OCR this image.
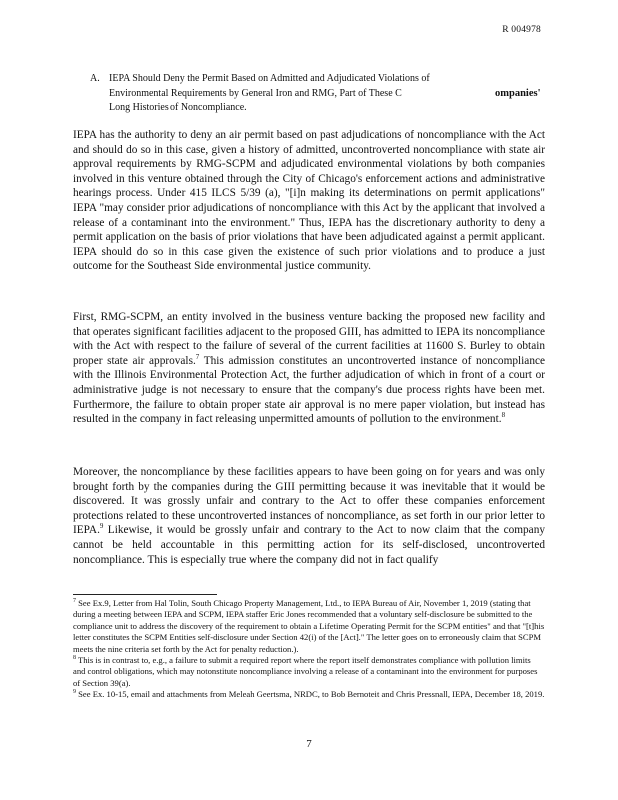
R 004978
A. IEPA Should Deny the Permit Based on Admitted and Adjudicated Violations of
Environmental Requirements by General Iron and RMG, Part of These C	ompanies'
Long Histories of Noncompliance.

IEPA has the authority to deny an air permit based on past adjudications of noncompliance with the Act and should do so in this case, given a history of admitted, uncontroverted noncompliance with state air approval requirements by RMG-SCPM and adjudicated environmental violations by both companies involved in this venture obtained through the City of Chicago's enforcement actions and administrative hearings process. Under 415 ILCS 5/39 (a), "[i]n making its determinations on permit applications" IEPA "may consider prior adjudications of noncompliance with this Act by the applicant that involved a release of a contaminant into the environment." Thus, IEPA has the discretionary authority to deny a permit application on the basis of prior violations that have been adjudicated against a permit applicant. IEPA should do so in this case given the existence of such prior violations and to produce a just outcome for the Southeast Side environmental justice community.

First, RMG-SCPM, an entity involved in the business venture backing the proposed new facility and that operates significant facilities adjacent to the proposed GIII, has admitted to IEPA its noncompliance with the Act with respect to the failure of several of the current facilities at 11600 S. Burley to obtain proper state air approvals.$^7$ This admission constitutes an uncontroverted instance of noncompliance with the Illinois Environmental Protection Act, the further adjudication of which in front of a court or administrative judge is not necessary to ensure that the company's due process rights have been met. Furthermore, the failure to obtain proper state air approval is no mere paper violation, but instead has resulted in the company in fact releasing unpermitted amounts of pollution to the environment.$^8$

Moreover, the noncompliance by these facilities appears to have been going on for years and was only brought forth by the companies during the GIII permitting because it was inevitable that it would be discovered. It was grossly unfair and contrary to the Act to offer these companies enforcement protections related to these uncontroverted instances of noncompliance, as set forth in our prior letter to IEPA.$^9$ Likewise, it would be grossly unfair and contrary to the Act to now claim that the company cannot be held accountable in this permitting action for its self-disclosed, uncontroverted noncompliance. This is especially true where the company did not in fact qualify

$^7$ See Ex.9, Letter from Hal Tolin, South Chicago Property Management, Ltd., to IEPA Bureau of Air, November 1, 2019 (stating that during a meeting between IEPA and SCPM, IEPA staffer Eric Jones recommended that a voluntary self-disclosure be submitted to the compliance unit to address the discovery of the requirement to obtain a Lifetime Operating Permit for the SCPM entities" and that "[t]his letter constitutes the SCPM Entities self-disclosure under Section 42(i) of the [Act]." The letter goes on to erroneously claim that SCPM meets the nine criteria set forth by the Act for penalty reduction.).

$^8$ This is in contrast to, e.g., a failure to submit a required report where the report itself demonstrates compliance with pollution limits and control obligations, which may notonstitute noncompliance involving a release of a contaminant into the environment for purposes of Section 39(a).

$^9$ See Ex. 10-15, email and attachments from Meleah Geertsma, NRDC, to Bob Bernoteit and Chris Pressnall, IEPA, December 18, 2019.

7
